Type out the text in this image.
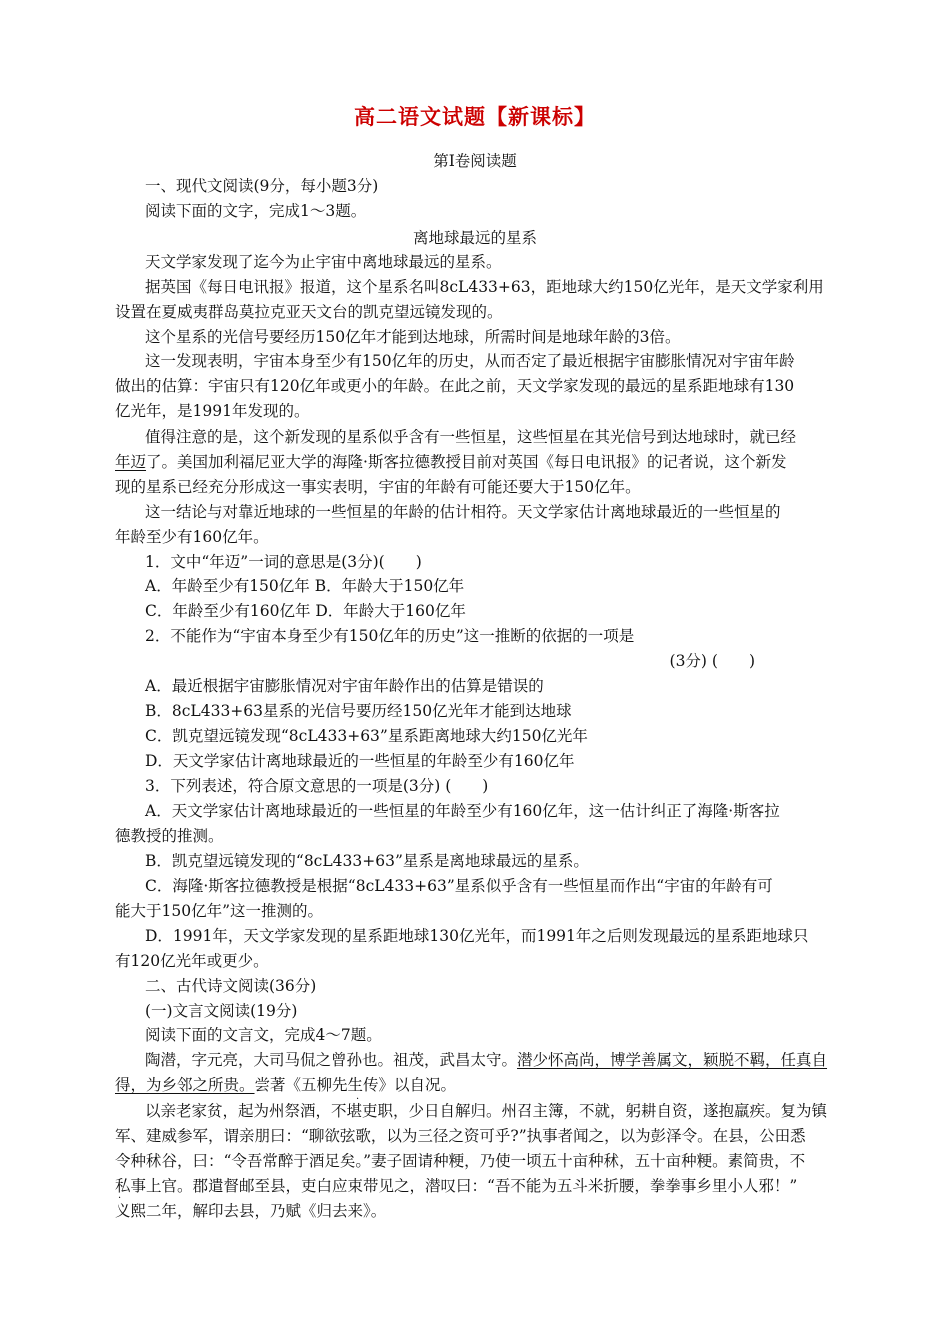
高二语文试题【新课标】
第Ⅰ卷阅读题
一、现代文阅读(9分，每小题3分)
阅读下面的文字，完成1～3题。
离地球最远的星系
天文学家发现了迄今为止宇宙中离地球最远的星系。
据英国《每日电讯报》报道，这个星系名叫8cL433+63，距地球大约150亿光年，是天文学家利用
设置在夏威夷群岛莫拉克亚天文台的凯克望远镜发现的。
这个星系的光信号要经历150亿年才能到达地球，所需时间是地球年龄的3倍。
这一发现表明，宇宙本身至少有150亿年的历史，从而否定了最近根据宇宙膨胀情况对宇宙年龄
做出的估算：宇宙只有120亿年或更小的年龄。在此之前，天文学家发现的最远的星系距地球有130
亿光年，是1991年发现的。
值得注意的是，这个新发现的星系似乎含有一些恒星，这些恒星在其光信号到达地球时，就已经
年迈了。美国加利福尼亚大学的海隆·斯客拉德教授目前对英国《每日电讯报》的记者说，这个新发
现的星系已经充分形成这一事实表明，宇宙的年龄有可能还要大于150亿年。
这一结论与对靠近地球的一些恒星的年龄的估计相符。天文学家估计离地球最近的一些恒星的
年龄至少有160亿年。
1．文中“年迈”一词的意思是(3分)(　　)
A．年龄至少有150亿年 B．年龄大于150亿年
C．年龄至少有160亿年 D．年龄大于160亿年
2．不能作为“宇宙本身至少有150亿年的历史”这一推断的依据的一项是
(3分) (　　)
A．最近根据宇宙膨胀情况对宇宙年龄作出的估算是错误的
B．8cL433+63星系的光信号要历经150亿光年才能到达地球
C．凯克望远镜发现“8cL433+63”星系距离地球大约150亿光年
D．天文学家估计离地球最近的一些恒星的年龄至少有160亿年
3．下列表述，符合原文意思的一项是(3分) (　　)
A．天文学家估计离地球最近的一些恒星的年龄至少有160亿年，这一估计纠正了海隆·斯客拉
德教授的推测。
B．凯克望远镜发现的“8cL433+63”星系是离地球最远的星系。
C．海隆·斯客拉德教授是根据“8cL433+63”星系似乎含有一些恒星而作出“宇宙的年龄有可
能大于150亿年”这一推测的。
D．1991年，天文学家发现的星系距地球130亿光年，而1991年之后则发现最远的星系距地球只
有120亿光年或更少。
二、古代诗文阅读(36分)
(一)文言文阅读(19分)
阅读下面的文言文，完成4～7题。
陶潜，字元亮，大司马侃之曾孙也。祖茂，武昌太守。潜少怀高尚，博学善属文，颖脱不羁，任真自
得，为乡邻之所贵。尝著《五柳先生传》以自况。
以亲老家贫，起为州祭酒，不堪吏职，少日自解归。州召主簿，不就，躬耕自资，遂抱羸疾。复为镇
军、建威参军，谓亲朋曰：“聊欲弦歌，以为三径之资可乎?”执事者闻之，以为彭泽令。在县，公田悉
令种秫谷，曰：“令吾常醉于酒足矣。”妻子固请种粳，乃使一顷五十亩种秫，五十亩种粳。素简贵，不
私事上官。郡遣督邮至县，吏白应束带见之，潜叹曰：“吾不能为五斗米折腰，拳拳事乡里小人邪！”
义熙二年，解印去县，乃赋《归去来》。
·
·
